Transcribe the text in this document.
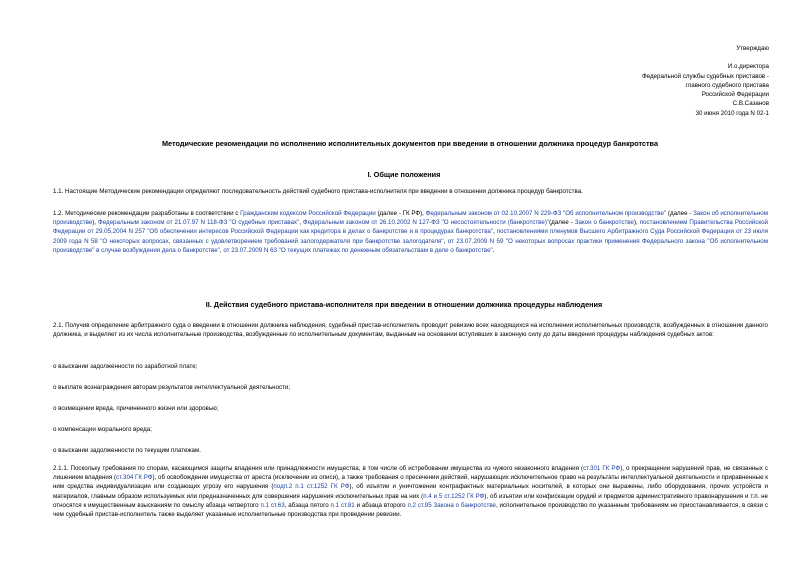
Утверждаю
И.о.директора
Федеральной службы судебных приставов -
главного судебного пристава
Российской Федерации
С.В.Сазанов
30 июня 2010 года N 02-1
Методические рекомендации по исполнению исполнительных документов при введении в отношении должника процедур банкротства
I. Общие положения
1.1. Настоящие Методические рекомендации определяют последовательность действий судебного пристава-исполнителя при введении в отношении должника процедур банкротства.
1.2. Методические рекомендации разработаны в соответствии с Гражданским кодексом Российской Федерации (далее - ГК РФ), Федеральным законом от 02.10.2007 N 229-ФЗ "Об исполнительном производстве" (далее - Закон об исполнительном производстве), Федеральным законом от 21.07.97 N 118-ФЗ "О судебных приставах", Федеральным законом от 26.10.2002 N 127-ФЗ "О несостоятельности (банкротстве)"(далее - Закон о банкротстве), постановлением Правительства Российской Федерации от 29.05.2004 N 257 "Об обеспечении интересов Российской Федерации как кредитора в делах о банкротстве и в процедурах банкротства", постановлениями пленумов Высшего Арбитражного Суда Российской Федерации от 23 июля 2009 года N 58 "О некоторых вопросах, связанных с удовлетворением требований залогодержателя при банкротстве залогодателя", от 23.07.2009 N 59 "О некоторых вопросах практики применения Федерального закона "Об исполнительном производстве" в случае возбуждения дела о банкротстве", от 23.07.2009 N 63 "О текущих платежах по денежным обязательствам в деле о банкротстве".
II. Действия судебного пристава-исполнителя при введении в отношении должника процедуры наблюдения
2.1. Получив определение арбитражного суда о введении в отношении должника наблюдения, судебный пристав-исполнитель проводит ревизию всех находящихся на исполнении исполнительных производств, возбужденных в отношении данного должника, и выделяет из их числа исполнительные производства, возбужденные по исполнительным документам, выданным на основании вступивших в законную силу до даты введения процедуры наблюдения судебных актов:
о взыскании задолженности по заработной плате;
о выплате вознаграждения авторам результатов интеллектуальной деятельности;
о возмещении вреда, причиненного жизни или здоровью;
о компенсации морального вреда;
о взыскании задолженности по текущим платежам.
2.1.1. Поскольку требования по спорам, касающимся защиты владения или принадлежности имущества, в том числе об истребовании имущества из чужого незаконного владения (ст.301 ГК РФ), о прекращении нарушений прав, не связанных с лишением владения (ст.304 ГК РФ), об освобождении имущества от ареста (исключении из описи), а также требования о пресечении действий, нарушающих исключительное право на результаты интеллектуальной деятельности и приравненные к ним средства индивидуализации или создающих угрозу его нарушения (подп.2 п.1 ст.1252 ГК РФ), об изъятии и уничтожении контрафактных материальных носителей, в которых они выражены, либо оборудования, прочих устройств и материалов, главным образом используемых или предназначенных для совершения нарушения исключительных прав на них (п.4 и 5 ст.1252 ГК РФ), об изъятии или конфискации орудий и предметов административного правонарушения и т.п. не относятся к имущественным взысканиям по смыслу абзаца четвертого п.1 ст.63, абзаца пятого п.1 ст.81 и абзаца второго п.2 ст.95 Закона о банкротстве, исполнительное производство по указанным требованиям не приостанавливается, в связи с чем судебный пристав-исполнитель также выделяет указанные исполнительные производства при проведении ревизии.
